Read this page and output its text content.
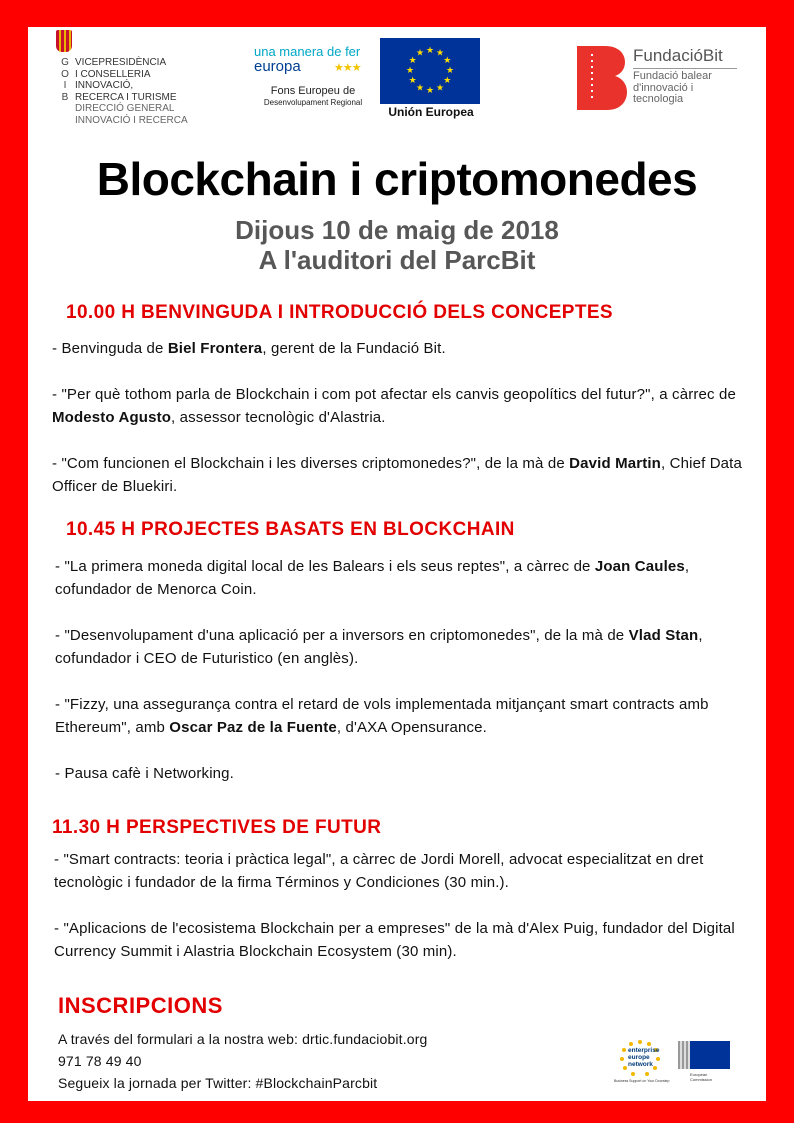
G
O
I
B
VICEPRESIDÈNCIA
I CONSELLERIA
INNOVACIÓ,
RECERCA I TURISME
DIRECCIÓ GENERAL
INNOVACIÓ I RECERCA
una manera de fer
europa	★★★
Fons Europeu de
Desenvolupament Regional
★ ★
★
★
★
★
★
★
★
★
★
★
Unión Europea
FundacióBit
Fundació balear
d'innovació i
tecnologia
Blockchain i criptomonedes
Dijous 10 de maig de 2018
A l'auditori del ParcBit
10.00 H BENVINGUDA I INTRODUCCIÓ DELS CONCEPTES
- Benvinguda de Biel Frontera, gerent de la Fundació Bit.
- "Per què tothom parla de Blockchain i com pot afectar els canvis geopolítics del futur?", a càrrec de Modesto Agusto, assessor tecnològic d'Alastria.
- "Com funcionen el Blockchain i les diverses criptomonedes?", de la mà de David Martin, Chief Data Officer de Bluekiri.
10.45 H PROJECTES BASATS EN BLOCKCHAIN
- "La primera moneda digital local de les Balears i els seus reptes", a càrrec de Joan Caules, cofundador de Menorca Coin.
- "Desenvolupament d'una aplicació per a inversors en criptomonedes", de la mà de Vlad Stan, cofundador i CEO de Futuristico (en anglès).
- "Fizzy, una assegurança contra el retard de vols implementada mitjançant smart contracts amb Ethereum", amb Oscar Paz de la Fuente, d'AXA Opensurance.
- Pausa cafè i Networking.
11.30 H PERSPECTIVES DE FUTUR
- "Smart contracts: teoria i pràctica legal", a càrrec de Jordi Morell, advocat especialitzat en dret tecnològic i fundador de la firma Términos y Condiciones (30 min.).
- "Aplicacions de l'ecosistema Blockchain per a empreses" de la mà d'Alex Puig, fundador del Digital Currency Summit i Alastria Blockchain Ecosystem (30 min).
INSCRIPCIONS
A través del formulari a la nostra web: drtic.fundaciobit.org
971 78 49 40
Segueix la jornada per Twitter: #BlockchainParcbit
enterprise
europe
network
Business Support on Your Doorstep
European
Commission
